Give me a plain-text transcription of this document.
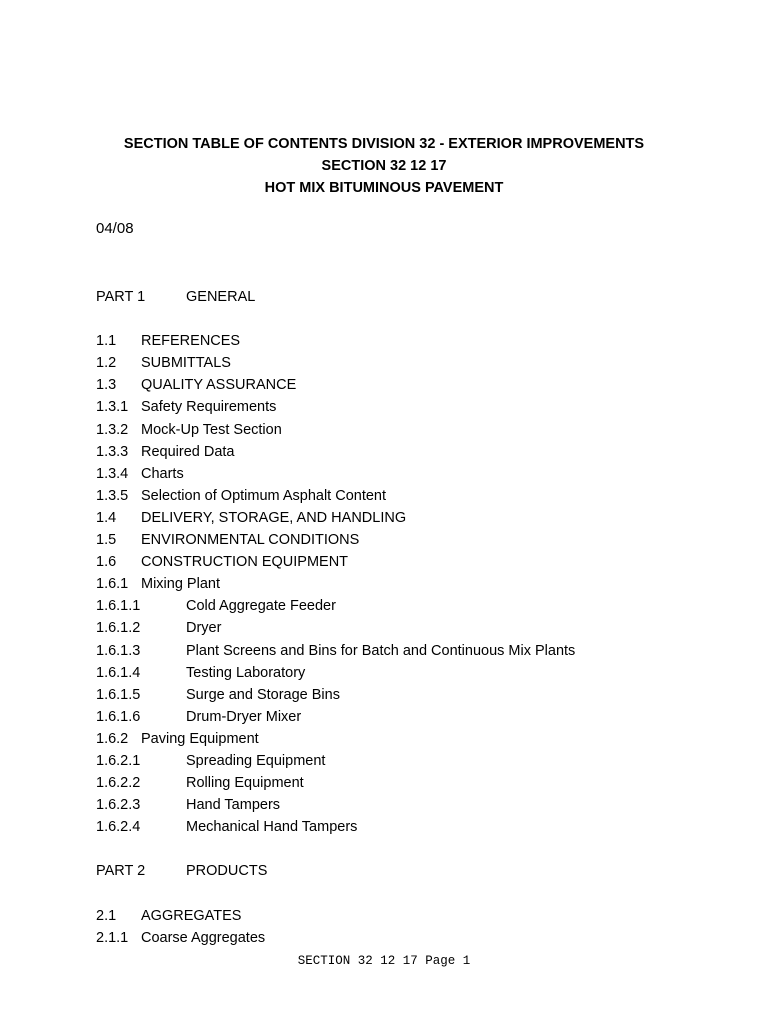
SECTION TABLE OF CONTENTS DIVISION 32 - EXTERIOR IMPROVEMENTS
SECTION 32 12 17
HOT MIX BITUMINOUS PAVEMENT
04/08
PART 1	GENERAL
1.1 REFERENCES
1.2 SUBMITTALS
1.3 QUALITY ASSURANCE
1.3.1 Safety Requirements
1.3.2 Mock-Up Test Section
1.3.3 Required Data
1.3.4 Charts
1.3.5 Selection of Optimum Asphalt Content
1.4 DELIVERY, STORAGE, AND HANDLING
1.5 ENVIRONMENTAL CONDITIONS
1.6 CONSTRUCTION EQUIPMENT
1.6.1 Mixing Plant
1.6.1.1	Cold Aggregate Feeder
1.6.1.2	Dryer
1.6.1.3	Plant Screens and Bins for Batch and Continuous Mix Plants
1.6.1.4	Testing Laboratory
1.6.1.5	Surge and Storage Bins
1.6.1.6	Drum-Dryer Mixer
1.6.2 Paving Equipment
1.6.2.1	Spreading Equipment
1.6.2.2	Rolling Equipment
1.6.2.3	Hand Tampers
1.6.2.4	Mechanical Hand Tampers
PART 2	PRODUCTS
2.1 AGGREGATES
2.1.1 Coarse Aggregates
SECTION 32 12 17 Page 1
